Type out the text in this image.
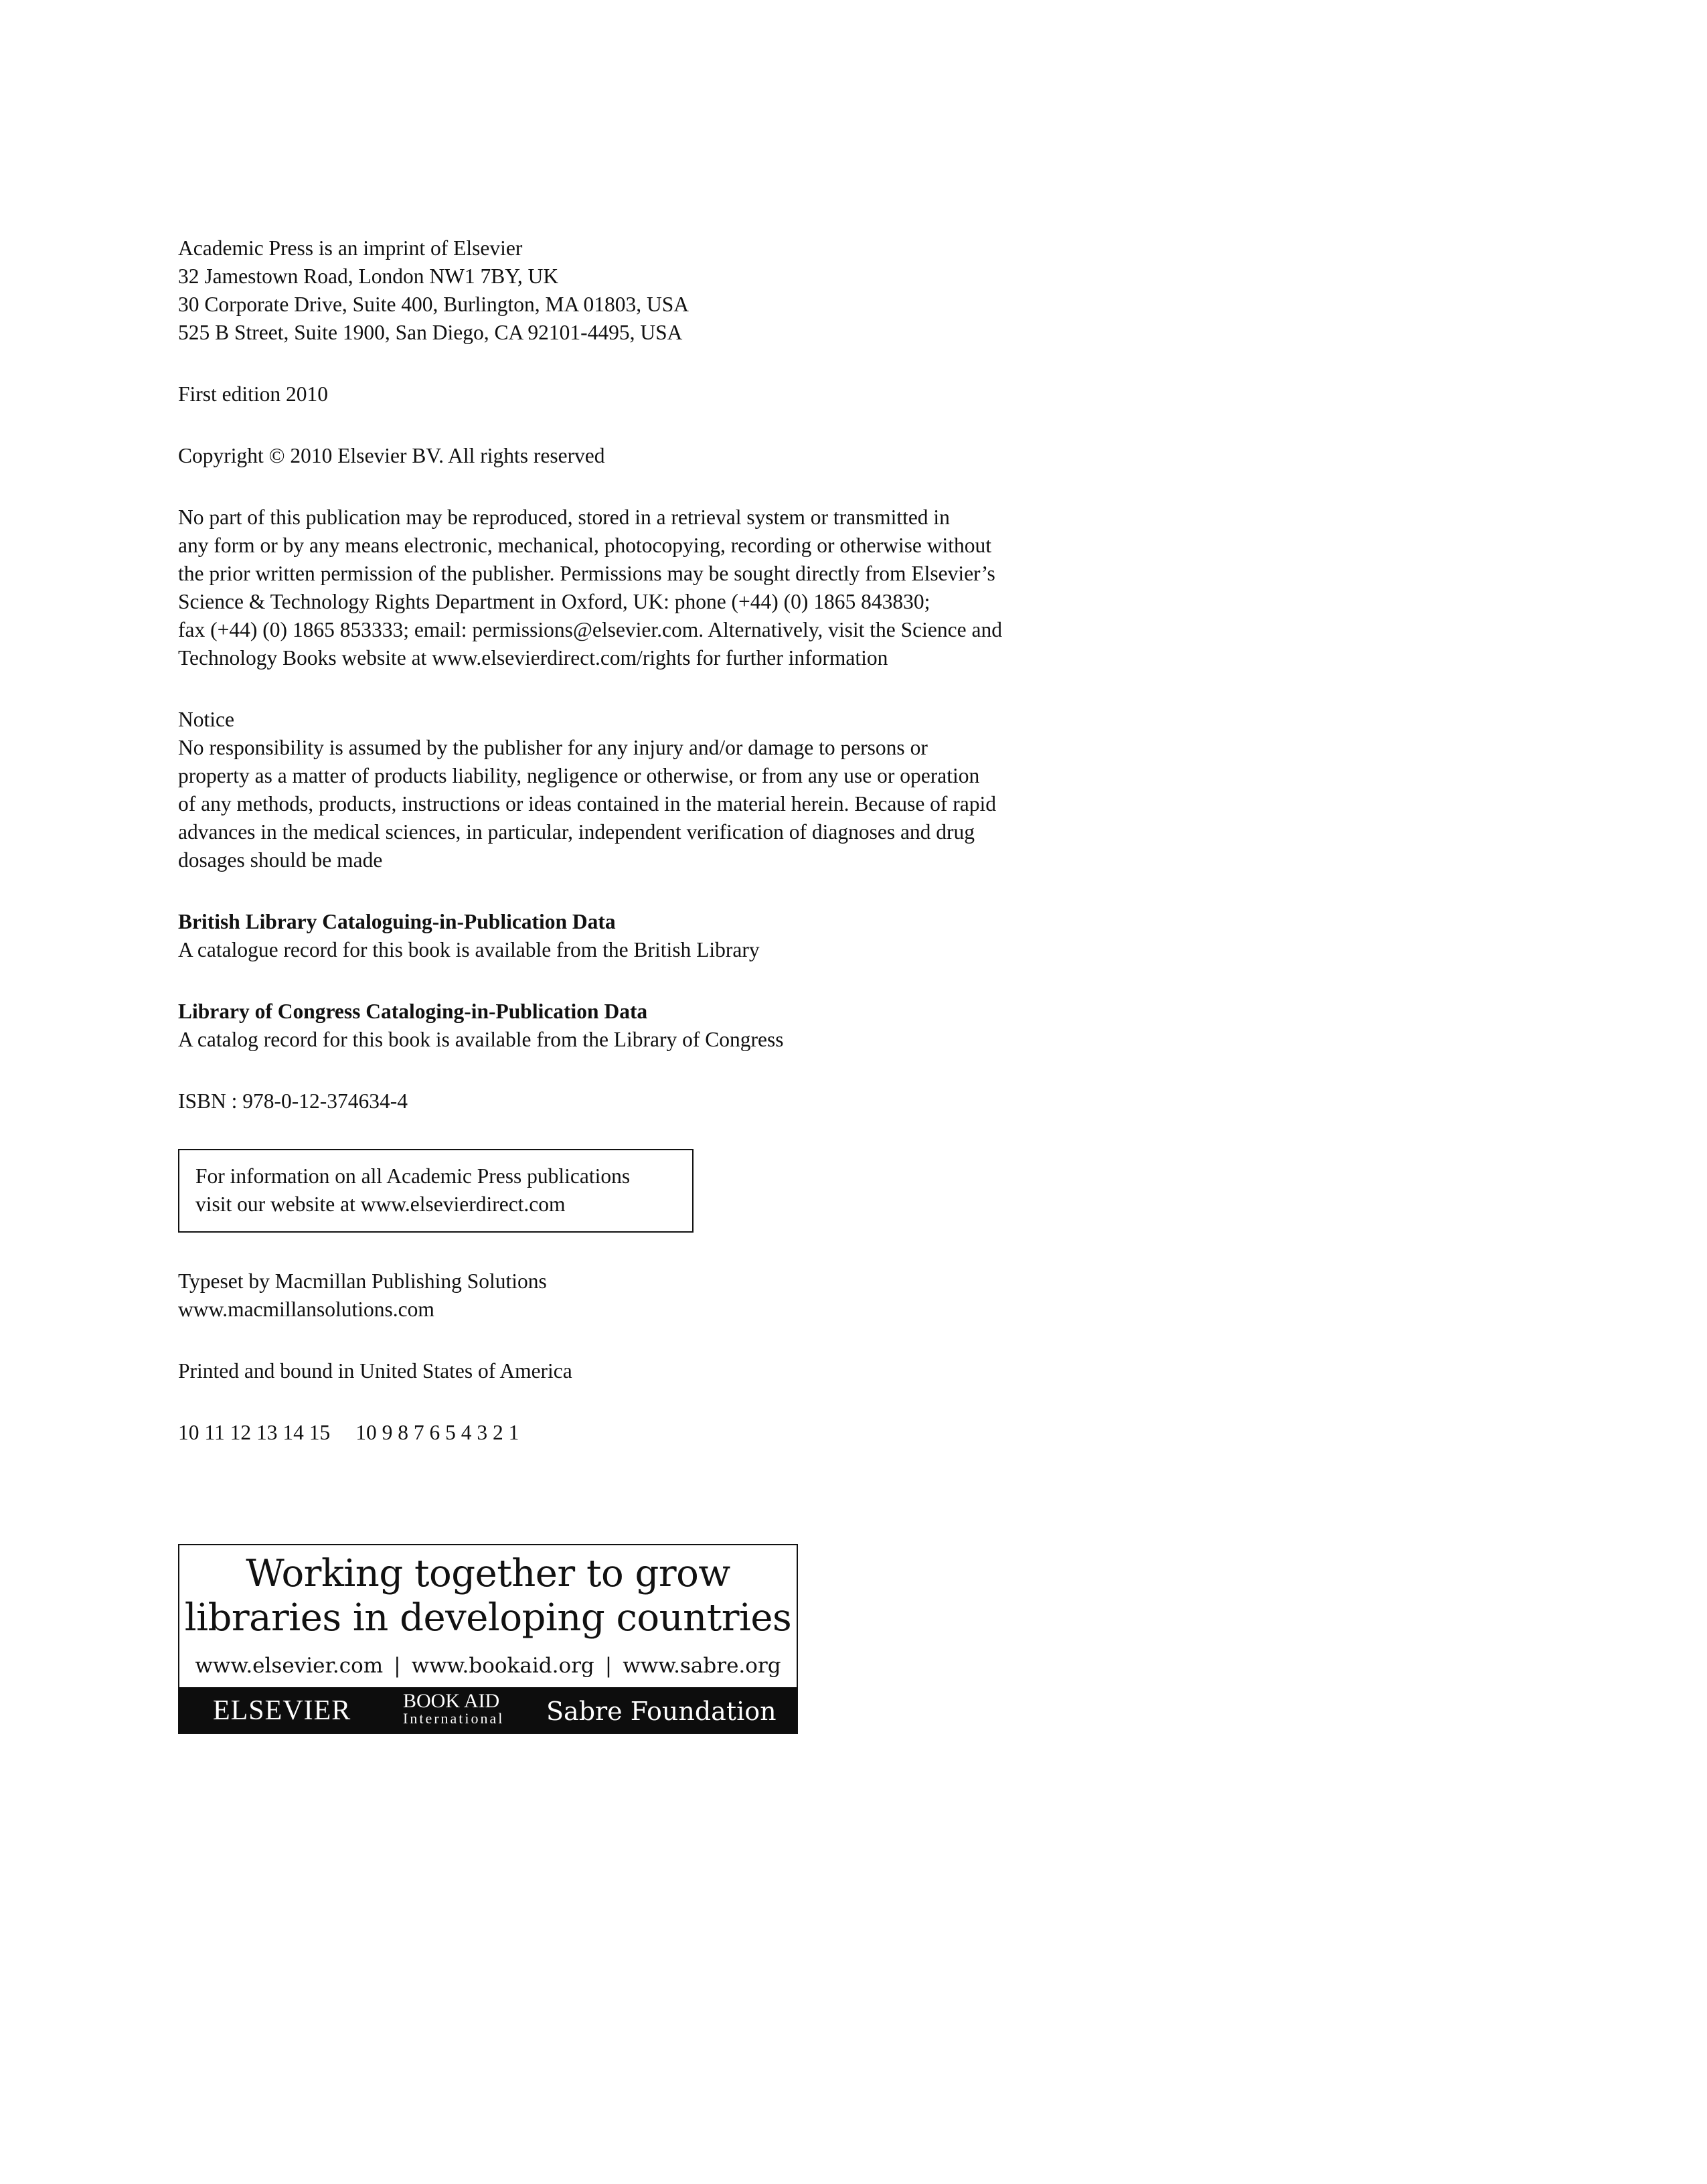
Academic Press is an imprint of Elsevier
32 Jamestown Road, London NW1 7BY, UK
30 Corporate Drive, Suite 400, Burlington, MA 01803, USA
525 B Street, Suite 1900, San Diego, CA 92101-4495, USA
First edition 2010
Copyright © 2010 Elsevier BV. All rights reserved
No part of this publication may be reproduced, stored in a retrieval system or transmitted in
any form or by any means electronic, mechanical, photocopying, recording or otherwise without
the prior written permission of the publisher. Permissions may be sought directly from Elsevier’s
Science & Technology Rights Department in Oxford, UK: phone (+44) (0) 1865 843830;
fax (+44) (0) 1865 853333; email: permissions@elsevier.com. Alternatively, visit the Science and
Technology Books website at www.elsevierdirect.com/rights for further information
Notice
No responsibility is assumed by the publisher for any injury and/or damage to persons or
property as a matter of products liability, negligence or otherwise, or from any use or operation
of any methods, products, instructions or ideas contained in the material herein. Because of rapid
advances in the medical sciences, in particular, independent verification of diagnoses and drug
dosages should be made
British Library Cataloguing-in-Publication Data
A catalogue record for this book is available from the British Library
Library of Congress Cataloging-in-Publication Data
A catalog record for this book is available from the Library of Congress
ISBN : 978-0-12-374634-4
For information on all Academic Press publications
visit our website at www.elsevierdirect.com
Typeset by Macmillan Publishing Solutions
www.macmillansolutions.com
Printed and bound in United States of America
10 11 12 13 14 15 10 9 8 7 6 5 4 3 2 1
Working together to grow
libraries in developing countries
www.elsevier.com | www.bookaid.org | www.sabre.org
ELSEVIER	BOOK AID
International Sabre Foundation
